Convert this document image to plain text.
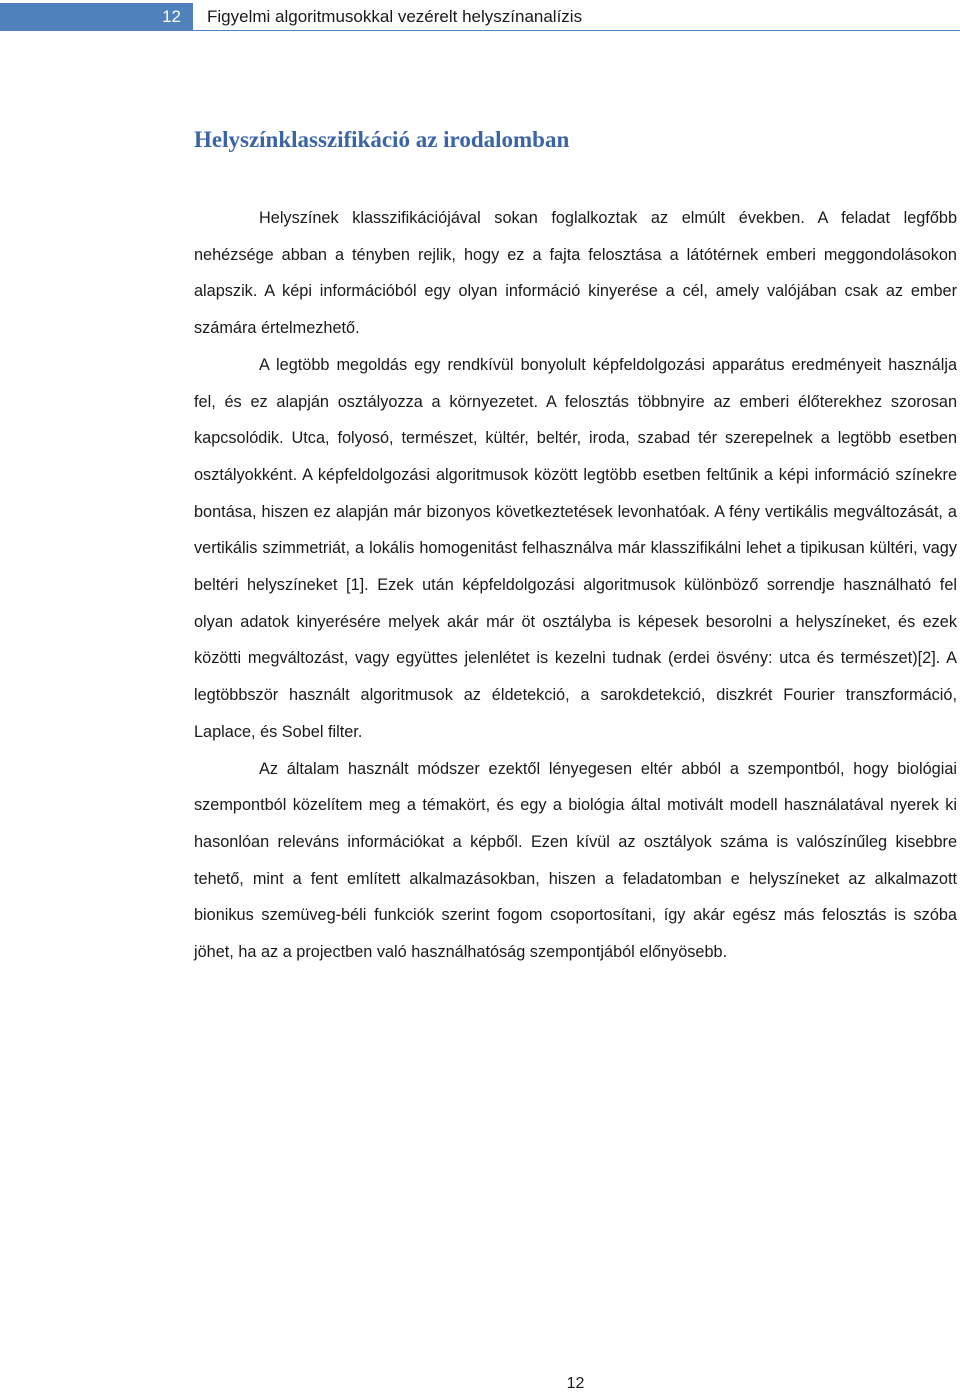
12	Figyelmi algoritmusokkal vezérelt helyszínanalízis
Helyszínklasszifikáció az irodalomban

Helyszínek klasszifikációjával sokan foglalkoztak az elmúlt években. A feladat legfőbb nehézsége abban a tényben rejlik, hogy ez a fajta felosztása a látótérnek emberi meggondolásokon alapszik. A képi információból egy olyan információ kinyerése a cél, amely valójában csak az ember számára értelmezhető.

A legtöbb megoldás egy rendkívül bonyolult képfeldolgozási apparátus eredményeit használja fel, és ez alapján osztályozza a környezetet. A felosztás többnyire az emberi élőterekhez szorosan kapcsolódik. Utca, folyosó, természet, kültér, beltér, iroda, szabad tér szerepelnek a legtöbb esetben osztályokként. A képfeldolgozási algoritmusok között legtöbb esetben feltűnik a képi információ színekre bontása, hiszen ez alapján már bizonyos következtetések levonhatóak. A fény vertikális megváltozását, a vertikális szimmetriát, a lokális homogenitást felhasználva már klasszifikálni lehet a tipikusan kültéri, vagy beltéri helyszíneket [1]. Ezek után képfeldolgozási algoritmusok különböző sorrendje használható fel olyan adatok kinyerésére melyek akár már öt osztályba is képesek besorolni a helyszíneket, és ezek közötti megváltozást, vagy együttes jelenlétet is kezelni tudnak (erdei ösvény: utca és természet)[2]. A legtöbbször használt algoritmusok az éldetekció, a sarokdetekció, diszkrét Fourier transzformáció, Laplace, és Sobel filter.

Az általam használt módszer ezektől lényegesen eltér abból a szempontból, hogy biológiai szempontból közelítem meg a témakört, és egy a biológia által motivált modell használatával nyerek ki hasonlóan releváns információkat a képből. Ezen kívül az osztályok száma is valószínűleg kisebbre tehető, mint a fent említett alkalmazásokban, hiszen a feladatomban e helyszíneket az alkalmazott bionikus szemüveg-béli funkciók szerint fogom csoportosítani, így akár egész más felosztás is szóba jöhet, ha az a projectben való használhatóság szempontjából előnyösebb.

12
